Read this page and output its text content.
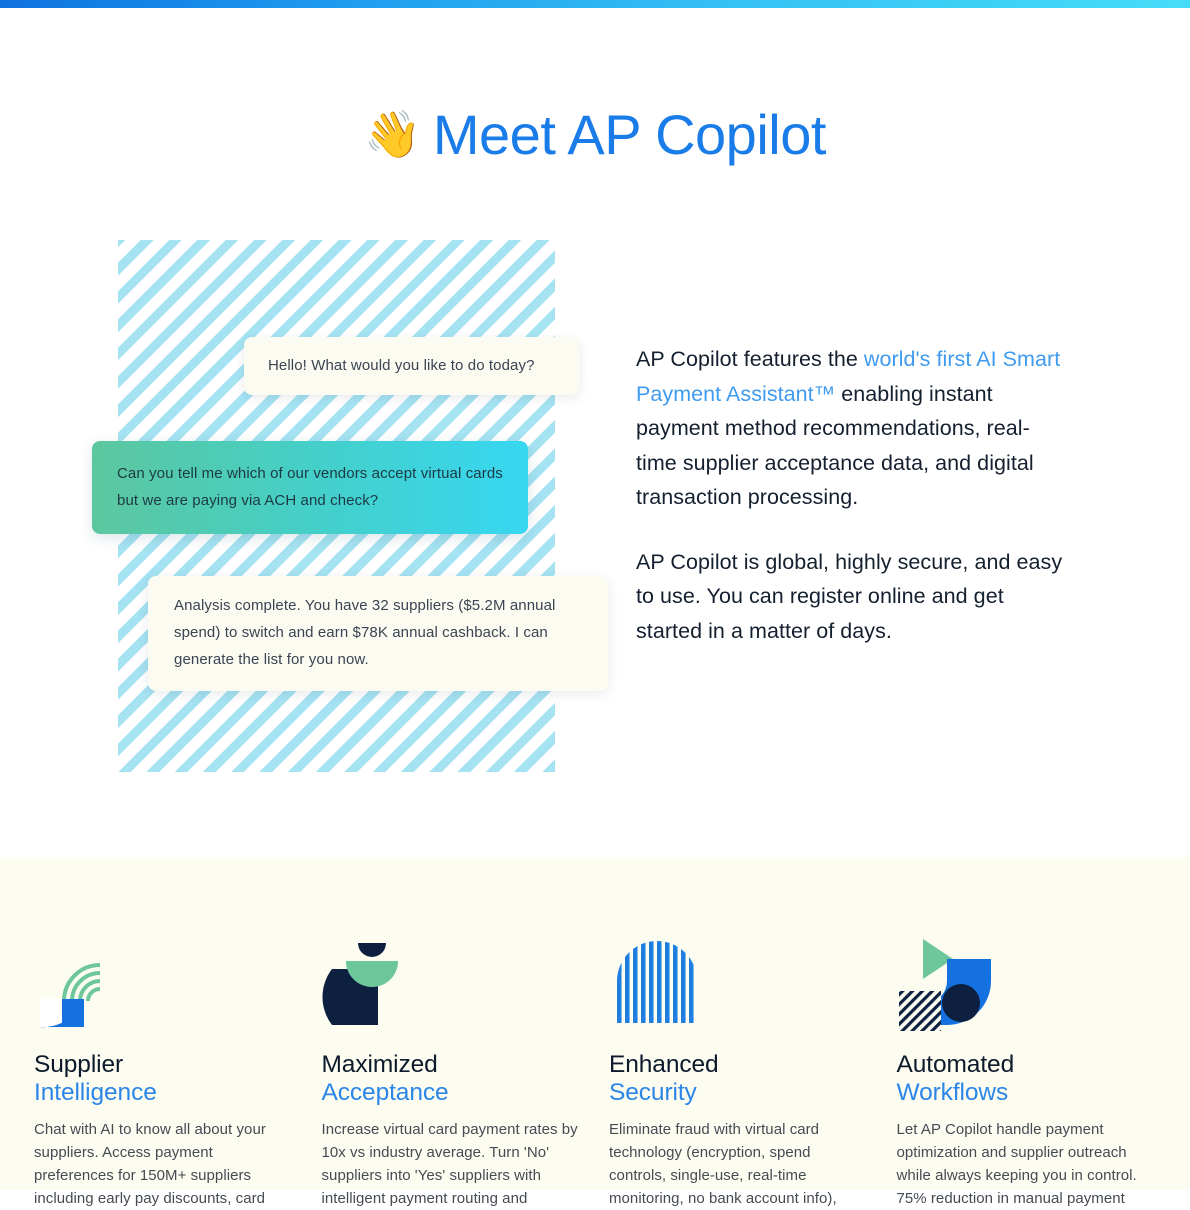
👋 Meet AP Copilot
Hello! What would you like to do today?
Can you tell me which of our vendors accept virtual cards but we are paying via ACH and check?
Analysis complete. You have 32 suppliers ($5.2M annual spend) to switch and earn $78K annual cashback. I can generate the list for you now.

AP Copilot features the world's first AI Smart Payment Assistant™ enabling instant payment method recommendations, real-time supplier acceptance data, and digital transaction processing.

AP Copilot is global, highly secure, and easy to use. You can register online and get started in a matter of days.

Supplier
Intelligence

Chat with AI to know all about your suppliers. Access payment preferences for 150M+ suppliers including early pay discounts, card

Maximized
Acceptance

Increase virtual card payment rates by 10x vs industry average. Turn 'No' suppliers into 'Yes' suppliers with intelligent payment routing and

Enhanced
Security

Eliminate fraud with virtual card technology (encryption, spend controls, single-use, real-time monitoring, no bank account info),

Automated
Workflows

Let AP Copilot handle payment optimization and supplier outreach while always keeping you in control. 75% reduction in manual payment
